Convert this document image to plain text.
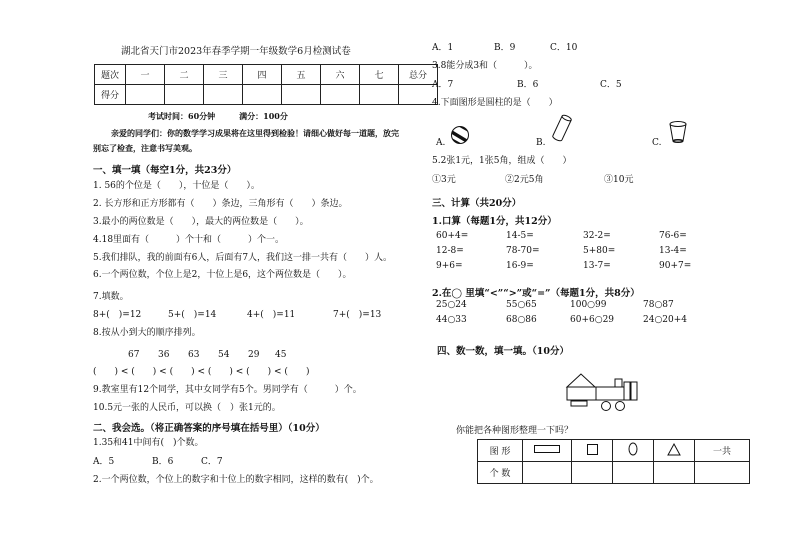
湖北省天门市2023年春季学期一年级数学6月检测试卷
题次	一	二	三	四	五	六	七	总分
得分								
考试时间：60分钟　　　满分：100分
亲爱的同学们：你的数学学习成果将在这里得到检验！请细心做好每一道题，放完
别忘了检查，注意书写美观。
一、填一填（每空1分，共23分）
1. 56的个位是（　　），十位是（　　）。
2. 长方形和正方形都有（　　）条边，三角形有（　　）条边。
3.最小的两位数是（　　），最大的两位数是（　　）。
4.18里面有（　　　）个十和（　　　）个一。
5.我们排队，我的前面有6人，后面有7人，我们这一排一共有（　　）人。
6.一个两位数，个位上是2，十位上是6，这个两位数是（　　）。
7.填数。
8+(　)=12	5+(　)=14	4+(　)=11	7+(　)=13
8.按从小到大的顺序排列。
67 36 63 54 29 45
(　　) < (　　) < (　　) < (　　) < (　　) < (　　)
9.教室里有12个同学，其中女同学有5个。男同学有（　　　）个。
10.5元一张的人民币，可以换（　）张1元的。
二、我会选。（将正确答案的序号填在括号里）（10分）
1.35和41中间有(　)个数。
A．5	B．6	C．7
2.一个两位数，个位上的数字和十位上的数字相同，这样的数有(　)个。
A．1	B．9	C．10
3.8能分成3和（　　　）。
A．7	B．6	C．5
4.下面图形是圆柱的是（　　）
A.	B.	C.
5.2张1元，1张5角，组成（　　）
①3元	②2元5角	③10元
三、计算（共20分）
1.口算（每题1分，共12分）
60+4=	14-5=	32-2=	76-6=
12-8=	78-70=	5+80=	13-4=
9+6=	16-9=	13-7=	90+7=
2.在◯ 里填“<”“>”或“=”（每题1分，共8分）
25○24	55○65	100○99	78○87
44○33	68○86	60+6○29	24○20+4
四、数一数，填一填。（10分）
你能把各种图形整理一下吗？
图 形					一共
个 数					
